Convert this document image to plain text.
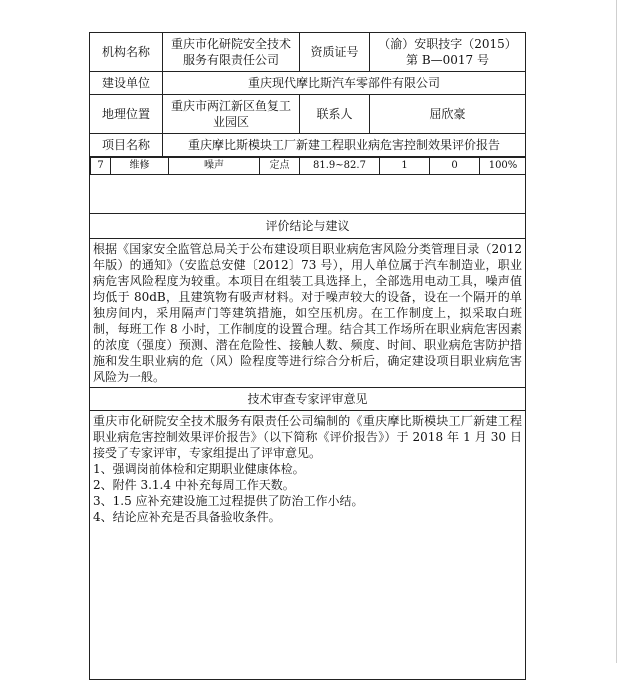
机构名称	重庆市化研院安全技术服务有限责任公司	资质证号	（渝）安职技字（2015）第 B—0017 号
建设单位	重庆现代摩比斯汽车零部件有限公司
地理位置	重庆市两江新区鱼复工业园区	联系人	屈欣豪
项目名称	重庆摩比斯模块工厂新建工程职业病危害控制效果评价报告

7	维修	噪声	定点	81.9~82.7	1	0	100%

评价结论与建议

根据《国家安全监管总局关于公布建设项目职业病危害风险分类管理目录（2012年版）的通知》（安监总安健〔2012〕73 号），用人单位属于汽车制造业，职业病危害风险程度为较重。本项目在组装工具选择上，全部选用电动工具，噪声值均低于 80dB，且建筑物有吸声材料。对于噪声较大的设备，设在一个隔开的单独房间内，采用隔声门等建筑措施，如空压机房。在工作制度上，拟采取白班制，每班工作 8 小时，工作制度的设置合理。结合其工作场所在职业病危害因素的浓度（强度）预测、潜在危险性、接触人数、频度、时间、职业病危害防护措施和发生职业病的危（风）险程度等进行综合分析后，确定建设项目职业病危害风险为一般。

技术审查专家评审意见

重庆市化研院安全技术服务有限责任公司编制的《重庆摩比斯模块工厂新建工程职业病危害控制效果评价报告》（以下简称《评价报告》）于 2018 年 1 月 30 日接受了专家评审，专家组提出了评审意见。

1、强调岗前体检和定期职业健康体检。
2、附件 3.1.4 中补充每周工作天数。
3、1.5 应补充建设施工过程提供了防治工作小结。
4、结论应补充是否具备验收条件。
